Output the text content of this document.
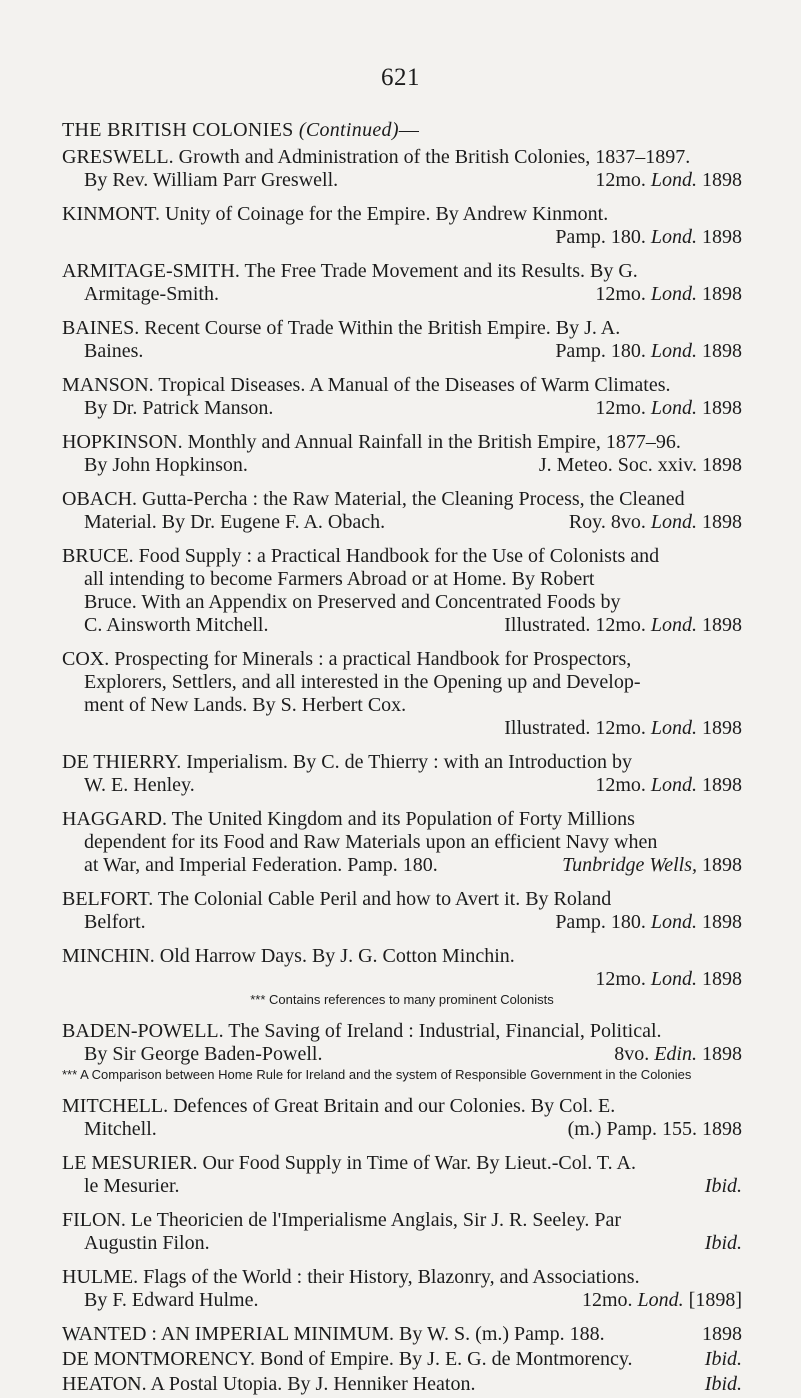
621
THE BRITISH COLONIES (Continued)—
GRESWELL. Growth and Administration of the British Colonies, 1837–1897.
By Rev. William Parr Greswell.	12mo. Lond. 1898
KINMONT. Unity of Coinage for the Empire. By Andrew Kinmont.
Pamp. 180. Lond. 1898
ARMITAGE-SMITH. The Free Trade Movement and its Results. By G.
Armitage-Smith.	12mo. Lond. 1898
BAINES. Recent Course of Trade Within the British Empire. By J. A.
Baines.	Pamp. 180. Lond. 1898
MANSON. Tropical Diseases. A Manual of the Diseases of Warm Climates.
By Dr. Patrick Manson.	12mo. Lond. 1898
HOPKINSON. Monthly and Annual Rainfall in the British Empire, 1877–96.
By John Hopkinson.	J. Meteo. Soc. xxiv. 1898
OBACH. Gutta-Percha : the Raw Material, the Cleaning Process, the Cleaned
Material. By Dr. Eugene F. A. Obach.	Roy. 8vo. Lond. 1898
BRUCE. Food Supply : a Practical Handbook for the Use of Colonists and
all intending to become Farmers Abroad or at Home. By Robert
Bruce. With an Appendix on Preserved and Concentrated Foods by
C. Ainsworth Mitchell.	Illustrated. 12mo. Lond. 1898
COX. Prospecting for Minerals : a practical Handbook for Prospectors,
Explorers, Settlers, and all interested in the Opening up and Develop-
ment of New Lands. By S. Herbert Cox.
Illustrated. 12mo. Lond. 1898
DE THIERRY. Imperialism. By C. de Thierry : with an Introduction by
W. E. Henley.	12mo. Lond. 1898
HAGGARD. The United Kingdom and its Population of Forty Millions
dependent for its Food and Raw Materials upon an efficient Navy when
at War, and Imperial Federation. Pamp. 180.	Tunbridge Wells, 1898
BELFORT. The Colonial Cable Peril and how to Avert it. By Roland
Belfort.	Pamp. 180. Lond. 1898
MINCHIN. Old Harrow Days. By J. G. Cotton Minchin.
12mo. Lond. 1898
*** Contains references to many prominent Colonists
BADEN-POWELL. The Saving of Ireland : Industrial, Financial, Political.
By Sir George Baden-Powell.	8vo. Edin. 1898
*** A Comparison between Home Rule for Ireland and the system of Responsible Government in the Colonies
MITCHELL. Defences of Great Britain and our Colonies. By Col. E.
Mitchell.	(m.) Pamp. 155. 1898
LE MESURIER. Our Food Supply in Time of War. By Lieut.-Col. T. A.
le Mesurier.	Ibid.
FILON. Le Theoricien de l'Imperialisme Anglais, Sir J. R. Seeley. Par
Augustin Filon.	Ibid.
HULME. Flags of the World : their History, Blazonry, and Associations.
By F. Edward Hulme.	12mo. Lond. [1898]
WANTED : AN IMPERIAL MINIMUM. By W. S. (m.) Pamp. 188.	1898
DE MONTMORENCY. Bond of Empire. By J. E. G. de Montmorency.	Ibid.
HEATON. A Postal Utopia. By J. Henniker Heaton.	Ibid.
